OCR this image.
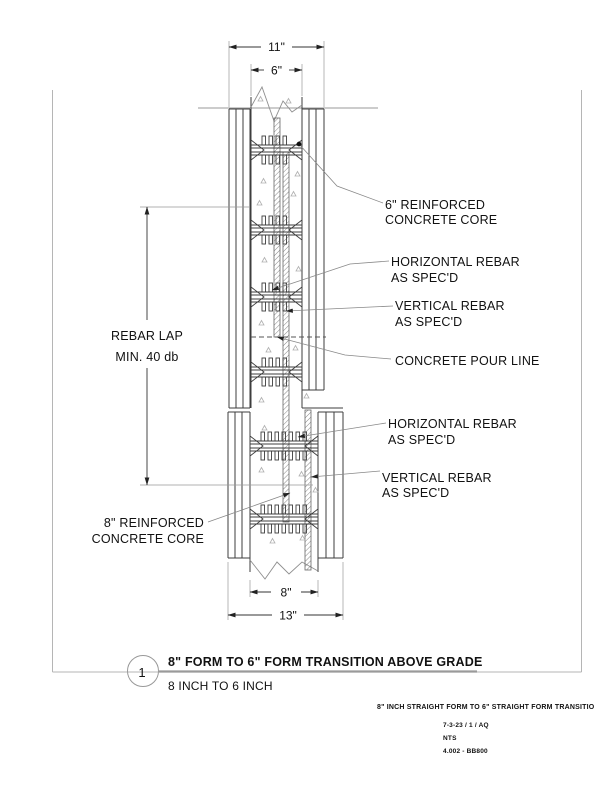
11"
6"
8"
13"
6" REINFORCED
CONCRETE CORE
HORIZONTAL REBAR
AS SPEC'D
VERTICAL REBAR
AS SPEC'D
CONCRETE POUR LINE
HORIZONTAL REBAR
AS SPEC'D
VERTICAL REBAR
AS SPEC'D
REBAR LAP
MIN. 40 db
8" REINFORCED
CONCRETE CORE
1
8" FORM TO 6" FORM TRANSITION ABOVE GRADE
8 INCH TO 6 INCH
8" INCH STRAIGHT FORM TO 6" STRAIGHT FORM TRANSITIO
7-3-23 / 1 / AQ
NTS
4.002 - BB800
